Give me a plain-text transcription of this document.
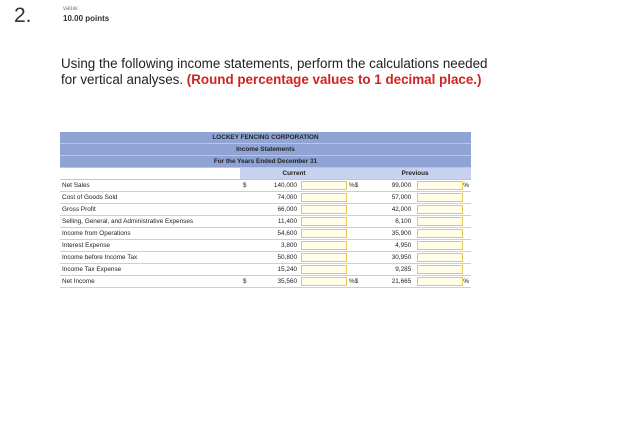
2.	value:
10.00 points
Using the following income statements, perform the calculations needed for vertical analyses. (Round percentage values to 1 decimal place.)
LOCKEY FENCING CORPORATION					
Income Statements					
For the Years Ended December 31					
	Current			Previous	
Net Sales	$ 140,000		% $	99,000	%

Cost of Goods Sold	74,000			57,000	

Gross Profit	66,000			42,000	

Selling, General, and Administrative Expenses	11,400			6,100	

Income from Operations	54,600			35,900	

Interest Expense	3,800			4,950	

Income before Income Tax	50,800			30,950	

Income Tax Expense	15,240			9,285	

Net Income	$ 35,560		% $	21,665	%
